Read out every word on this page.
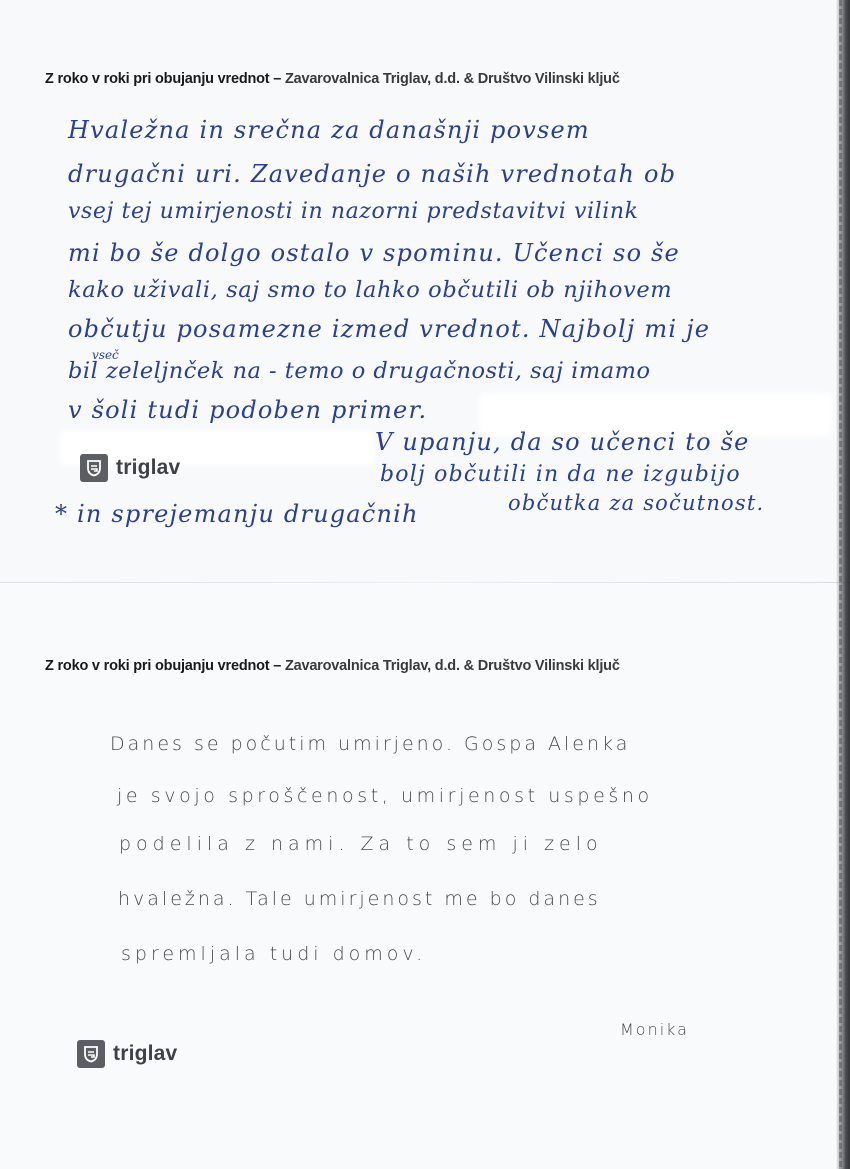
Z roko v roki pri obujanju vrednot – Zavarovalnica Triglav, d.d. & Društvo Vilinski ključ
Hvaležna in srečna za današnji povsem
drugačni uri. Zavedanje o naših vrednotah ob
vsej tej umirjenosti in nazorni predstavitvi vilink
mi bo še dolgo ostalo v spominu. Učenci so še
kako uživali, saj smo to lahko občutili ob njihovem
občutju posamezne izmed vrednot. Najbolj mi je
vseč
bil zeleljnček na - temo o drugačnosti, saj imamo
v šoli tudi podoben primer.
V upanju, da so učenci to še
bolj občutili in da ne izgubijo
* in sprejemanju drugačnih	občutka za sočutnost.
triglav
Z roko v roki pri obujanju vrednot – Zavarovalnica Triglav, d.d. & Društvo Vilinski ključ
Danes se počutim umirjeno. Gospa Alenka
je svojo sproščenost, umirjenost uspešno
podelila z nami. Za to sem ji zelo
hvaležna. Tale umirjenost me bo danes
spremljala tudi domov.
Monika
triglav
